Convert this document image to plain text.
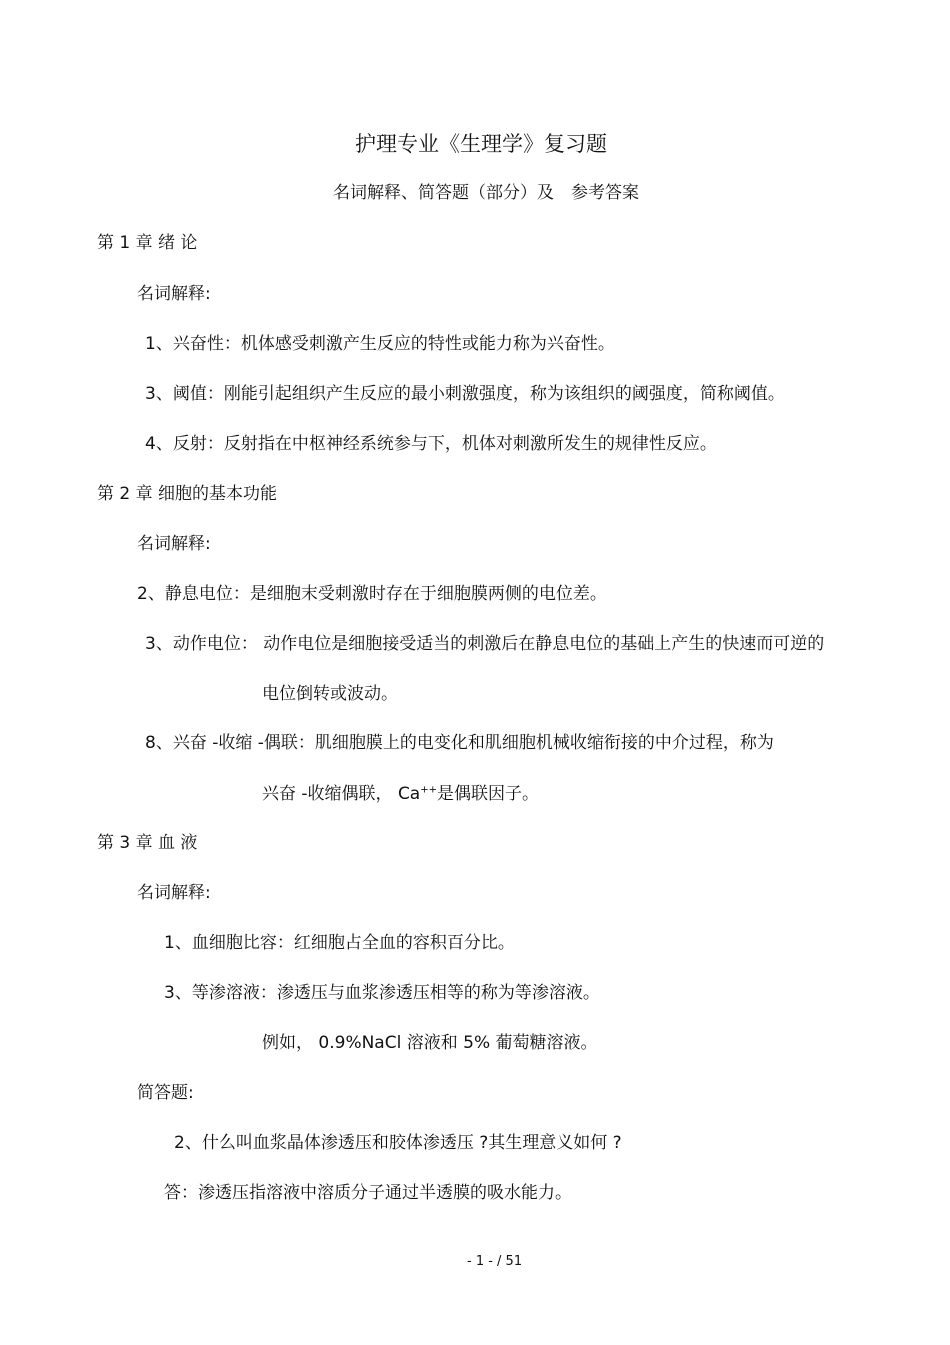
护理专业《生理学》复习题
名词解释、简答题（部分）及　参考答案
第 1 章 绪 论
名词解释:
1、兴奋性：机体感受刺激产生反应的特性或能力称为兴奋性。
3、阈值：刚能引起组织产生反应的最小刺激强度，称为该组织的阈强度，简称阈值。
4、反射：反射指在中枢神经系统参与下，机体对刺激所发生的规律性反应。
第 2 章 细胞的基本功能
名词解释:
2、静息电位：是细胞末受刺激时存在于细胞膜两侧的电位差。
3、动作电位： 动作电位是细胞接受适当的刺激后在静息电位的基础上产生的快速而可逆的
电位倒转或波动。
8、兴奋 -收缩 -偶联：肌细胞膜上的电变化和肌细胞机械收缩衔接的中介过程，称为
兴奋 -收缩偶联， Ca++是偶联因子。
第 3 章 血 液
名词解释:
1、血细胞比容：红细胞占全血的容积百分比。
3、等渗溶液：渗透压与血浆渗透压相等的称为等渗溶液。
例如， 0.9%NaCl 溶液和 5% 葡萄糖溶液。
简答题:
2、什么叫血浆晶体渗透压和胶体渗透压 ?其生理意义如何 ?
答：渗透压指溶液中溶质分子通过半透膜的吸水能力。
- 1 - / 51
